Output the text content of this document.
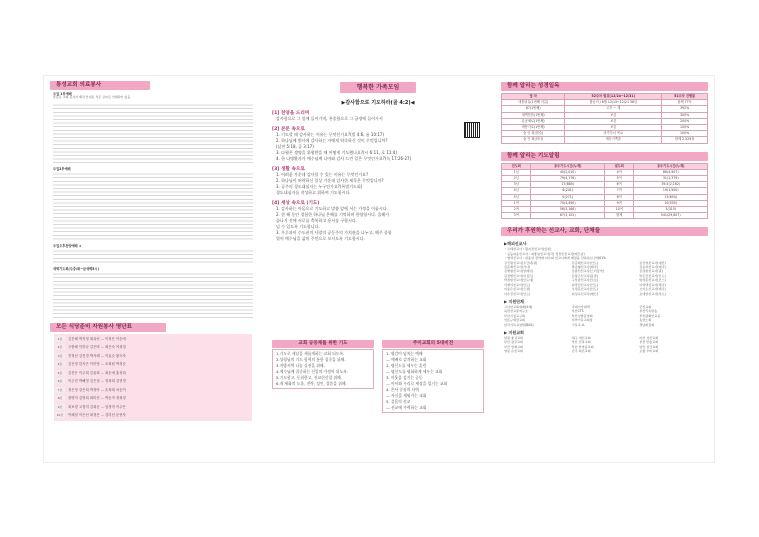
통성교회 의료봉사
주일 1부예배
본문은 교회 봉사자 배치 안내로 작은 글씨로 인쇄되어 있음
주일2부예배
주일오후찬양예배 ★
새벽기도회(주중/화~금새벽5시)
모든 식당준비 자원봉사 명단표
1조	김은혜 박지영 최옥선 ... 이정은 이순애
2조	구충혜 이하나 김은비 ... 최은숙 이희정
3조	진정선 김진경 박지혜 ... 이효순 황숙자
4조	김은경 한지은 이미영 ... 조희원 박정순
5조	김종은 이주희 김윤희 ... 최순애 홍성희
6조	이주진 박해영 김은정 ... 정복희 김현경
7조	정은정 강은희 박정아 ... 손복희 차순이
8조	장영미 김영희 최미선 ... 박순자 정희정
9조	최보경 고정미 김희순 ... 임정아 이주은
10조	이혜정 이은선 최정은 ... 김미선 문현자
행복한 가족모임
▶감사함으로 기도하라(골 4:2)◀
[1] 찬양을 드리며
감사함으로 그 앞에 들어가며, 찬송함으로 그 궁정에 들어가서
[2] 본문 속으로
1. 기도할 때 감사하는 이유는 무엇인가요?(빌 4:6, 롬 10:17)
2. 하나님께 범사에 감사하는 자에게 약속하신 것이 무엇입니까?
(살전 5:18, 골 3:17)
3. 다윗은 생명을 위협받을 때 어떻게 기도했나요?(시 6:11, 호 11:4)
4. 한 나병환자가 예수님께 나아와 감사 드린 일은 무엇인가요?(눅 17:26-27)
[3] 생활 속으로
1. 어려움 가운데 감사할 수 있는 이유는 무엇인가요?
2. 하나님이 허락하신 일상 가운데 감사한 제목은 무엇입니까?
3. 공주의 경도대심자는 누구인가요?(특별기도회)
경도대심자를 작성하고 위하여 기도합시다.
[4] 세상 속으로 (기도)
1. 감사하는 마음으로 기도하고 말씀 앞에 서는 가정을 이룹시다.
2. 한 해 동안 경험한 하나님 은혜를 기억하며 찬양합시다. 올해가
끝나기 전에 서로를 축복하고 용서를 구합시다.
넘 수 있도록 기도합니다.
3. 우루과이 수도권의 사랑의 공동주의 가치관을 나누고, 해주 종합
열어 예수님을 삶의 주인으로 모시도록 기도합시다.
교회 공동체를 위한 기도
1.기도로 새날을 새롭게하는 교회 되도록.
2.성령님의 기도 합력의 통한 집중을 위해.
3.지방서역 나눔 실천을 위해.
4.예수님께 집중하는 신앙의 가정이 되도록.
5.기도합고, 동침한고, 선교헌신할 위해.
6.개 세화의 도움, 전략, 성인, 결혼을 위해.
주미교회의 5대비전
1. 영감이 넘치는 예배
— 예배로 감격하는 교회
2. 평신도를 세우는 훈련
— 평신도를 평화하게 세우는 교회
3. 이웃을 섬기는 공동
— 아이와 우리로 세상을 섬기는 교회
4. 은사 중심의 사역
— 자신을 세워가는 교회
5. 걸음의 선교
— 선교에 주력하는 교회
함께 알리는 성경일독
열 차	52주차 범위(12/24~12/31)	51주차 진행률
대통령유(1번째 이름)	합습지 / 6월 12/15~12/21 38일	함께 77독
67(1번째)	고후 ~ 계	392%
새벽틈틈(1번째)	보감	300%
유공체로(1번째)	보감	200%
바통가호(1번째)	보감	100%
숲 인 회(함습)	마가부서 목요	100%
숲 인 회(회사)	계산기쪽을	함께 2,529장
함께 알리는 기도알림
진도회	공주기도시간(누계)	권도회	공주기도시간(누계)
1님	40(2,010)	4여	86(4,907)
2님	79(4,176)	5여	31(1,379)
3님	17(885)	6여	39.5(2,162)
4님	6(241)	7여	19(1,500)
5님	5(271)	8여	13(654)
1여	70(4,490)	9여	10(550)
2여	56(3,168)	10여	3(315)
3여	67(3,102)	합계	541(29,607)
우리가 후원하는 선교사, 교회, 단체들
▶해외선교사
・주테선교사 : 황지전선교사(일본)
・공등파송선교사 : 최종섭선교사(국) 정신인선교사(베트남)
・협력선교사 : 내용상 전략에 다수의 선교사에게 배정을 전하하심 (약)61%
강건원선교사(우간다/필)	김준배선교사(인도)	김신영선교사(대만)
김준배선교사(가나)	박준형선교사(태국)	김윤상선교사(태국)
김병철선교사(말레이)	김종선선교사(스리랑카)	김정현선교사(필)
김정협선교사(이집트)	김창곤선교사(몽골)	박은진선교사(인도)
박정현선교사(인도네)	구상남선교사(모로)	방정훈선교사(코스)
서재석선교사(인도)	최경진선교사(인도)	이영택선교사(태국)
이승은선교사(모잠)	우정훈선교사(인도)	오이돈선교사(태국)
이우진선교사(인도)	최성욱선교사(베트)	조대연선교사(라오)
▶ 지원단체
고난한교회예배(4개)	국제기아대책	군선교회
북한선교통역구조	부산CTS	부산기독방송
부산시장교구회	부산성합운영회	부산평화안교공
언론구세선교회	지역기독교회장	동영노회
한국기독교연합(BAS)	기독교 LL	경남회장회
▶ 지원교회
남원 충성교회	대구 개신교회	마산 성산교회
부산 평강교회	부산 진복교회	부산 반송교회
부산 연제교회	부산 한마음교회	양산 성강교회
영봉 순천교회	진주 회진교회	포항 우비교회
